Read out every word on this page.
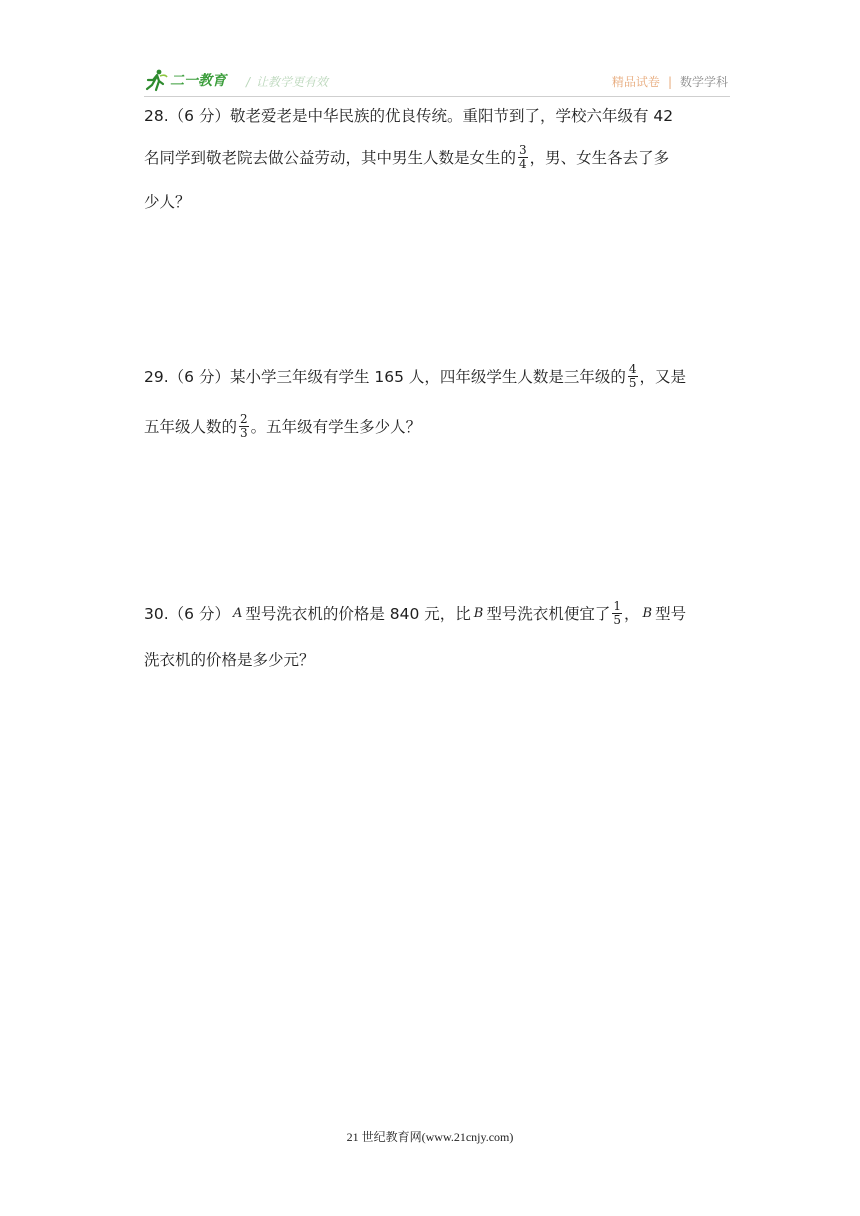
二一教育 / 让教学更有效	精品试卷 | 数学学科
28.（6 分）敬老爱老是中华民族的优良传统。重阳节到了，学校六年级有 42
名同学到敬老院去做公益劳动，其中男生人数是女生的 $\frac{3}{4}$ ，男、女生各去了多
少人？
29.（6 分）某小学三年级有学生 165 人，四年级学生人数是三年级的 $\frac{4}{5}$ ，又是
五年级人数的 $\frac{2}{3}$ 。五年级有学生多少人？
30.（6 分） A 型号洗衣机的价格是 840 元，比 B 型号洗衣机便宜了 $\frac{1}{5}$ ， B 型号
洗衣机的价格是多少元？
21 世纪教育网(www.21cnjy.com)
